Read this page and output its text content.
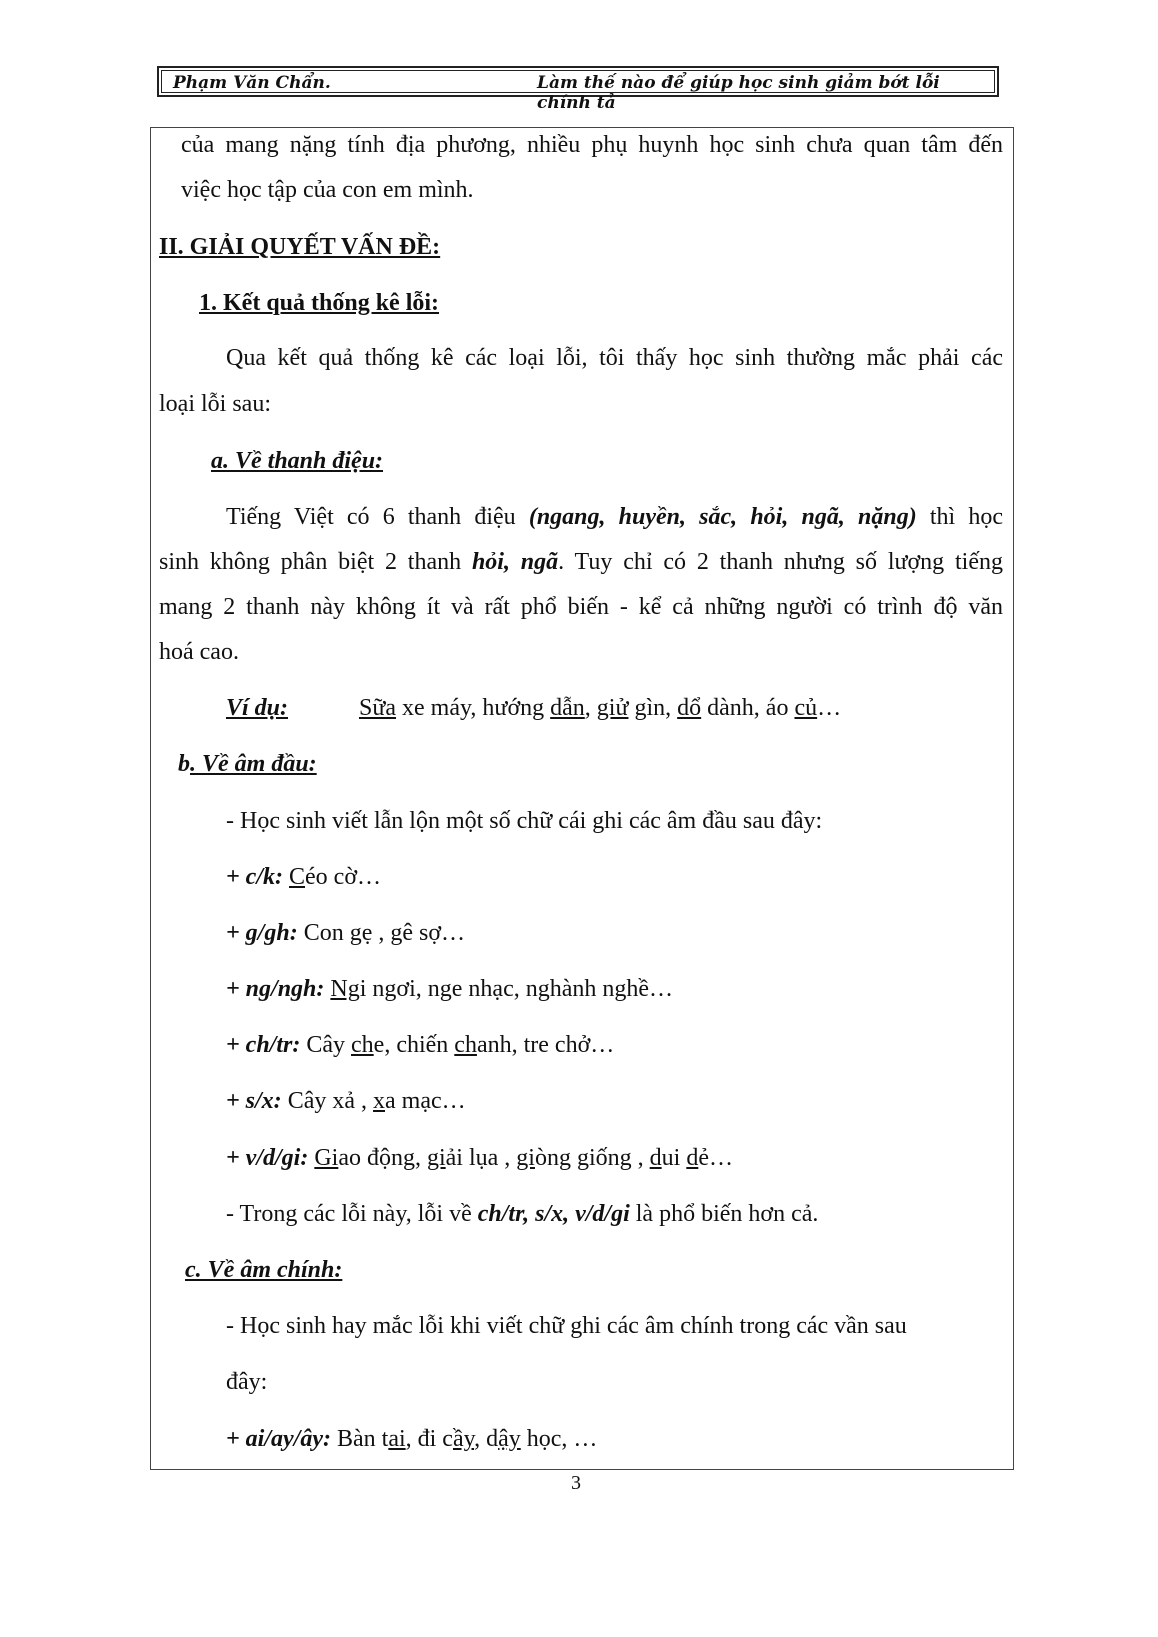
Phạm Văn Chẩn.	Làm thế nào để giúp học sinh giảm bớt lỗi chính tả
của mang nặng tính địa phương, nhiều phụ huynh học sinh chưa quan tâm đến
việc học tập của con em mình.
II. GIẢI QUYẾT VẤN ĐỀ:
1. Kết quả thống kê lỗi:
Qua kết quả thống kê các loại lỗi, tôi thấy học sinh thường mắc phải các
loại lỗi sau:
a. Về thanh điệu:
Tiếng Việt có 6 thanh điệu (ngang, huyền, sắc, hỏi, ngã, nặng) thì học
sinh không phân biệt 2 thanh hỏi, ngã. Tuy chỉ có 2 thanh nhưng số lượng tiếng
mang 2 thanh này không ít và rất phổ biến - kể cả những người có trình độ văn
hoá cao.
Ví dụ:	Sữa xe máy, hướng dẫn, giử gìn, dổ dành, áo củ…
b. Về âm đầu:
- Học sinh viết lẫn lộn một số chữ cái ghi các âm đầu sau đây:
+ c/k: Céo cờ…
+ g/gh: Con gẹ , gê sợ…
+ ng/ngh: Ngi ngơi, nge nhạc, nghành nghề…
+ ch/tr: Cây che, chiến chanh, tre chở…
+ s/x: Cây xả , xa mạc…
+ v/d/gi: Giao động, giải lụa , giòng giống , dui dẻ…
- Trong các lỗi này, lỗi về ch/tr, s/x, v/d/gi là phổ biến hơn cả.
c. Về âm chính:
- Học sinh hay mắc lỗi khi viết chữ ghi các âm chính trong các vần sau
đây:
+ ai/ay/ây: Bàn tai, đi cầy, dậy học, …
3
